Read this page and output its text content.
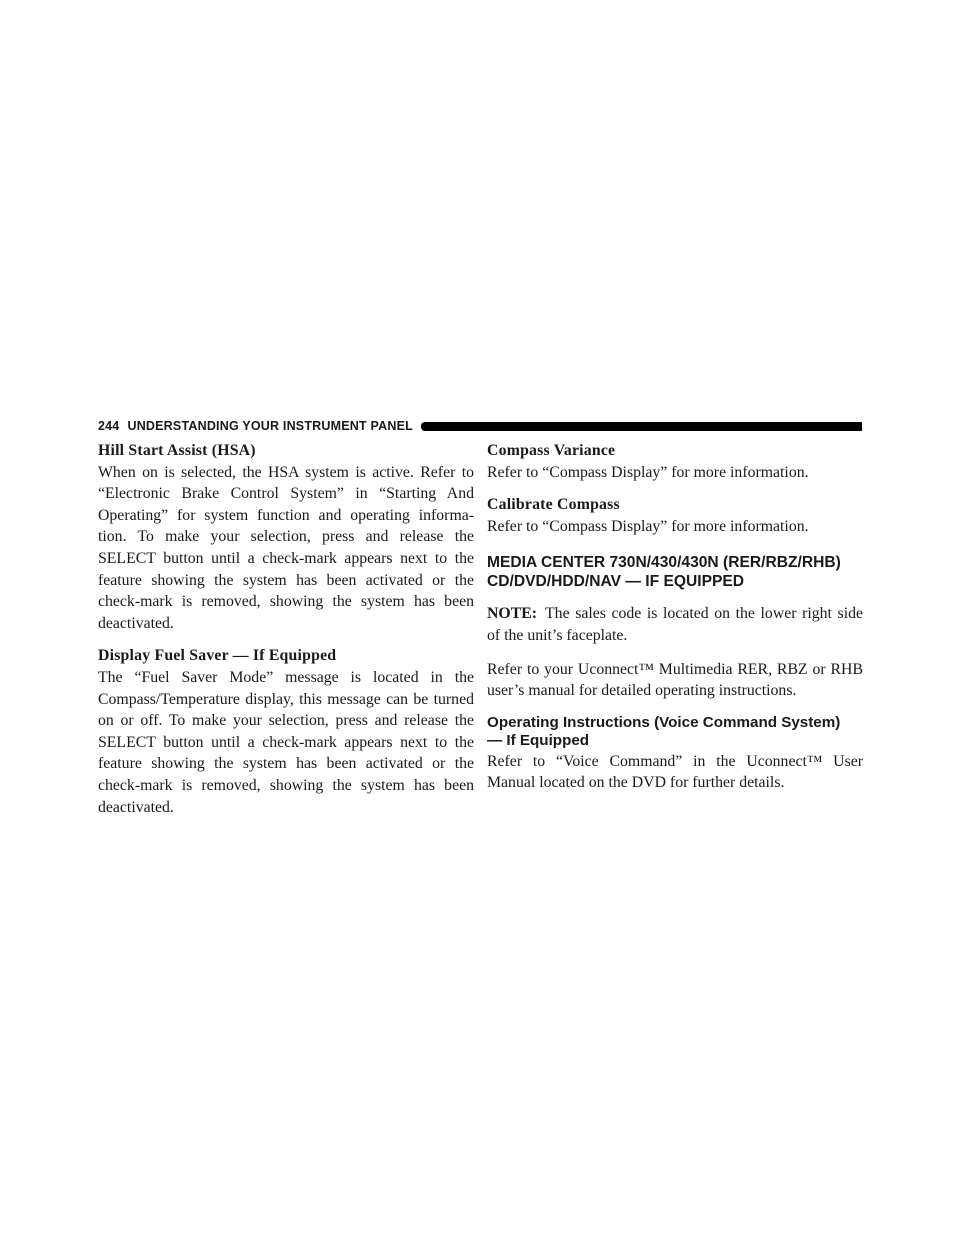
244 UNDERSTANDING YOUR INSTRUMENT PANEL
Hill Start Assist (HSA)

When on is selected, the HSA system is active. Refer to “Electronic Brake Control System” in “Starting And Operating” for system function and operating informa- tion. To make your selection, press and release the SELECT button until a check-mark appears next to the feature showing the system has been activated or the check-mark is removed, showing the system has been deactivated.

Display Fuel Saver — If Equipped

The “Fuel Saver Mode” message is located in the Compass/Temperature display, this message can be turned on or off. To make your selection, press and release the SELECT button until a check-mark appears next to the feature showing the system has been activated or the check-mark is removed, showing the system has been deactivated.

Compass Variance

Refer to “Compass Display” for more information.

Calibrate Compass

Refer to “Compass Display” for more information.

MEDIA CENTER 730N/430/430N (RER/RBZ/RHB)
CD/DVD/HDD/NAV — IF EQUIPPED

NOTE: The sales code is located on the lower right side of the unit’s faceplate.

Refer to your Uconnect™ Multimedia RER, RBZ or RHB user’s manual for detailed operating instructions.

Operating Instructions (Voice Command System)
— If Equipped

Refer to “Voice Command” in the Uconnect™ User Manual located on the DVD for further details.
